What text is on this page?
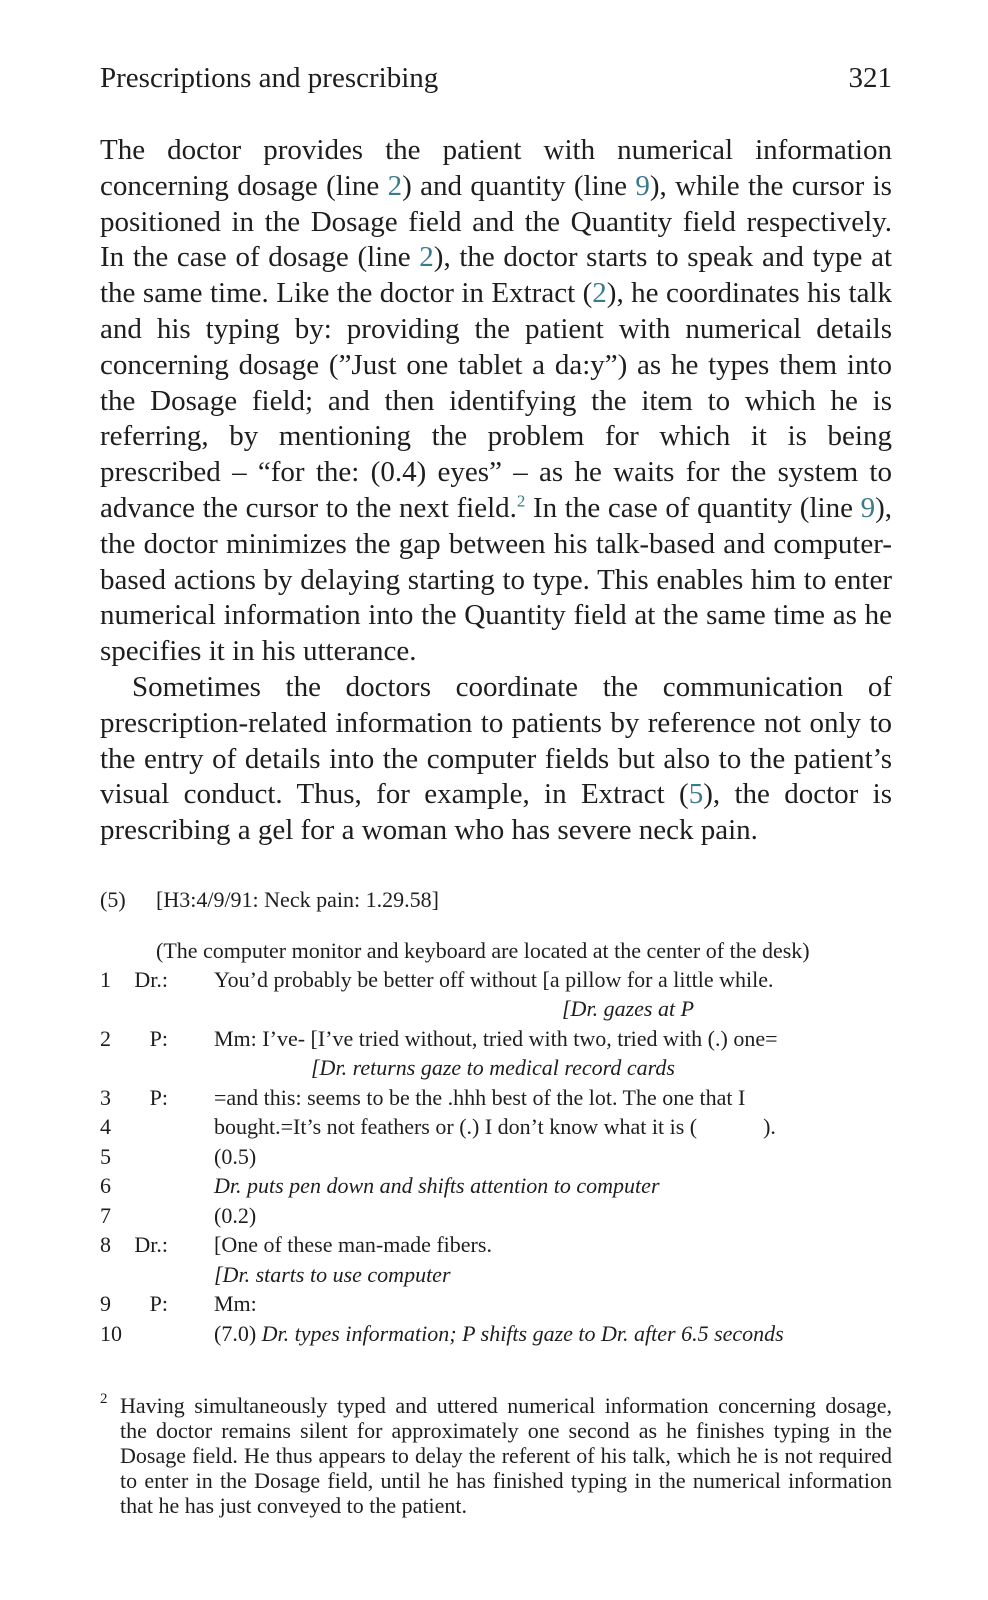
Prescriptions and prescribing	321

The doctor provides the patient with numerical information concerning dosage (line 2) and quantity (line 9), while the cursor is positioned in the Dosage field and the Quantity field respectively. In the case of dosage (line 2), the doctor starts to speak and type at the same time. Like the doctor in Extract (2), he coordinates his talk and his typing by: providing the patient with numerical details concerning dosage (”Just one tablet a da:y”) as he types them into the Dosage field; and then identifying the item to which he is referring, by mentioning the problem for which it is being prescribed – “for the: (0.4) eyes” – as he waits for the system to advance the cursor to the next field.$^2$ In the case of quantity (line 9), the doctor minimizes the gap between his talk-based and computer-based actions by delaying starting to type. This enables him to enter numerical information into the Quantity field at the same time as he specifies it in his utterance.

Sometimes the doctors coordinate the communication of prescription-related information to patients by reference not only to the entry of details into the computer fields but also to the patient’s visual conduct. Thus, for example, in Extract (5), the doctor is prescribing a gel for a woman who has severe neck pain.

(5) [H3:4/9/91: Neck pain: 1.29.58]
(The computer monitor and keyboard are located at the center of the desk)
1 Dr.: You’d probably be better off without [a pillow for a little while.
[Dr. gazes at P
2	P: Mm: I’ve- [I’ve tried without, tried with two, tried with (.) one=
[Dr. returns gaze to medical record cards
3	P: =and this: seems to be the .hhh best of the lot. The one that I
4	bought.=It’s not feathers or (.) I don’t know what it is (            ).
5	(0.5)
6	Dr. puts pen down and shifts attention to computer
7	(0.2)
8 Dr.: [One of these man-made fibers.
[Dr. starts to use computer
9	P: Mm:
10	(7.0) Dr. types information; P shifts gaze to Dr. after 6.5 seconds
2 Having simultaneously typed and uttered numerical information concerning dosage, the doctor remains silent for approximately one second as he finishes typing in the Dosage field. He thus appears to delay the referent of his talk, which he is not required to enter in the Dosage field, until he has finished typing in the numerical information that he has just conveyed to the patient.
